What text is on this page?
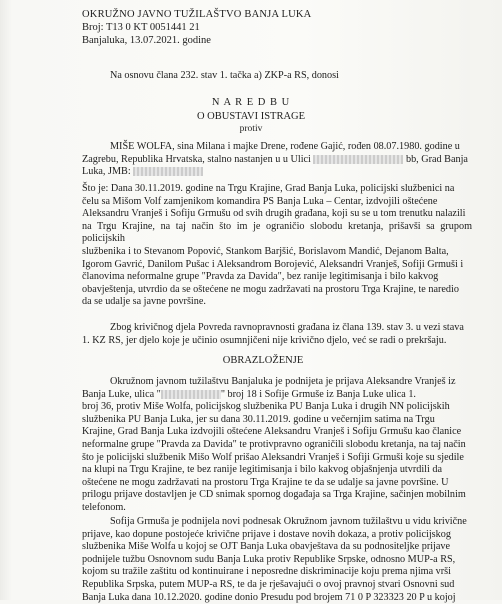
OKRUŽNO JAVNO TUŽILAŠTVO BANJA LUKA
Broj: T13 0 KT 0051441 21
Banjaluka, 13.07.2021. godine
Na osnovu člana 232. stav 1. tačka a) ZKP-a RS, donosi
N A R E D B U
O OBUSTAVI ISTRAGE
protiv
MIŠE WOLFA, sina Milana i majke Drene, rođene Gajić, rođen 08.07.1980. godine u
Zagrebu, Republika Hrvatska, stalno nastanjen u u Ulici	bb, Grad Banja
Luka, JMB:
Što je: Dana 30.11.2019. godine na Trgu Krajine, Grad Banja Luka, policijski službenici na
čelu sa Mišom Volf zamjenikom komandira PS Banja Luka – Centar, izdvojili oštećene
Aleksandru Vranješ i Sofiju Grmušu od svih drugih građana, koji su se u tom trenutku nalazili
na Trgu Krajine, na taj način što im je ograničio slobodu kretanja, prišavši sa grupom policijskih
službenika i to Stevanom Popović, Stankom Barjšić, Borislavom Mandić, Dejanom Balta,
Igorom Gavrić, Danilom Pušac i Aleksandrom Borojević, Aleksandri Vranješ, Sofiji Grmuši i
članovima neformalne grupe "Pravda za Davida", bez ranije legitimisanja i bilo kakvog
obavještenja, utvrdio da se oštećene ne mogu zadržavati na prostoru Trga Krajine, te naredio
da se udalje sa javne površine.
Zbog krivičnog djela Povreda ravnopravnosti građana iz člana 139. stav 3. u vezi stava
1. KZ RS, jer djelo koje je učinio osumnjičeni nije krivično djelo, već se radi o prekršaju.
OBRAZLOŽENJE
Okružnom javnom tužilaštvu Banjaluka je podnijeta je prijava Aleksandre Vranješ iz
Banja Luke, ulica "	" broj 18 i Sofije Grmuše iz Banja Luke ulica 1.
broj 36, protiv Miše Wolfa, policijskog službenika PU Banja Luka i drugih NN policijskih
službenika PU Banja Luka, jer su dana 30.11.2019. godine u večernjim satima na Trgu
Krajine, Grad Banja Luka izdvojili oštećene Aleksandru Vranješ i Sofiju Grmušu kao članice
neformalne grupe "Pravda za Davida" te protivpravno ograničili slobodu kretanja, na taj način
što je policijski službenik Mišo Wolf prišao Aleksandri Vranješ i Sofiji Grmuši koje su sjedile
na klupi na Trgu Krajine, te bez ranije legitimisanja i bilo kakvog objašnjenja utvrdili da
oštećene ne mogu zadržavati na prostoru Trga Krajine te da se udalje sa javne površine. U
prilogu prijave dostavljen je CD snimak spornog događaja sa Trga Krajine, sačinjen mobilnim
telefonom.
Sofija Grmuša je podnijela novi podnesak Okružnom javnom tužilaštvu u vidu krivične
prijave, kao dopune postojeće krivične prijave i dostave novih dokaza, a protiv policijskog
službenika Miše Wolfa u kojoj se OJT Banja Luka obavještava da su podnositeljke prijave
podnijele tužbu Osnovnom sudu Banja Luka protiv Republike Srpske, odnosno MUP-a RS,
kojom su tražile zaštitu od kontinuirane i neposredne diskriminacije koju prema njima vrši
Republika Srpska, putem MUP-a RS, te da je rješavajući o ovoj pravnoj stvari Osnovni sud
Banja Luka dana 10.12.2020. godine donio Presudu pod brojem 71 0 P 323323 20 P u kojoj
